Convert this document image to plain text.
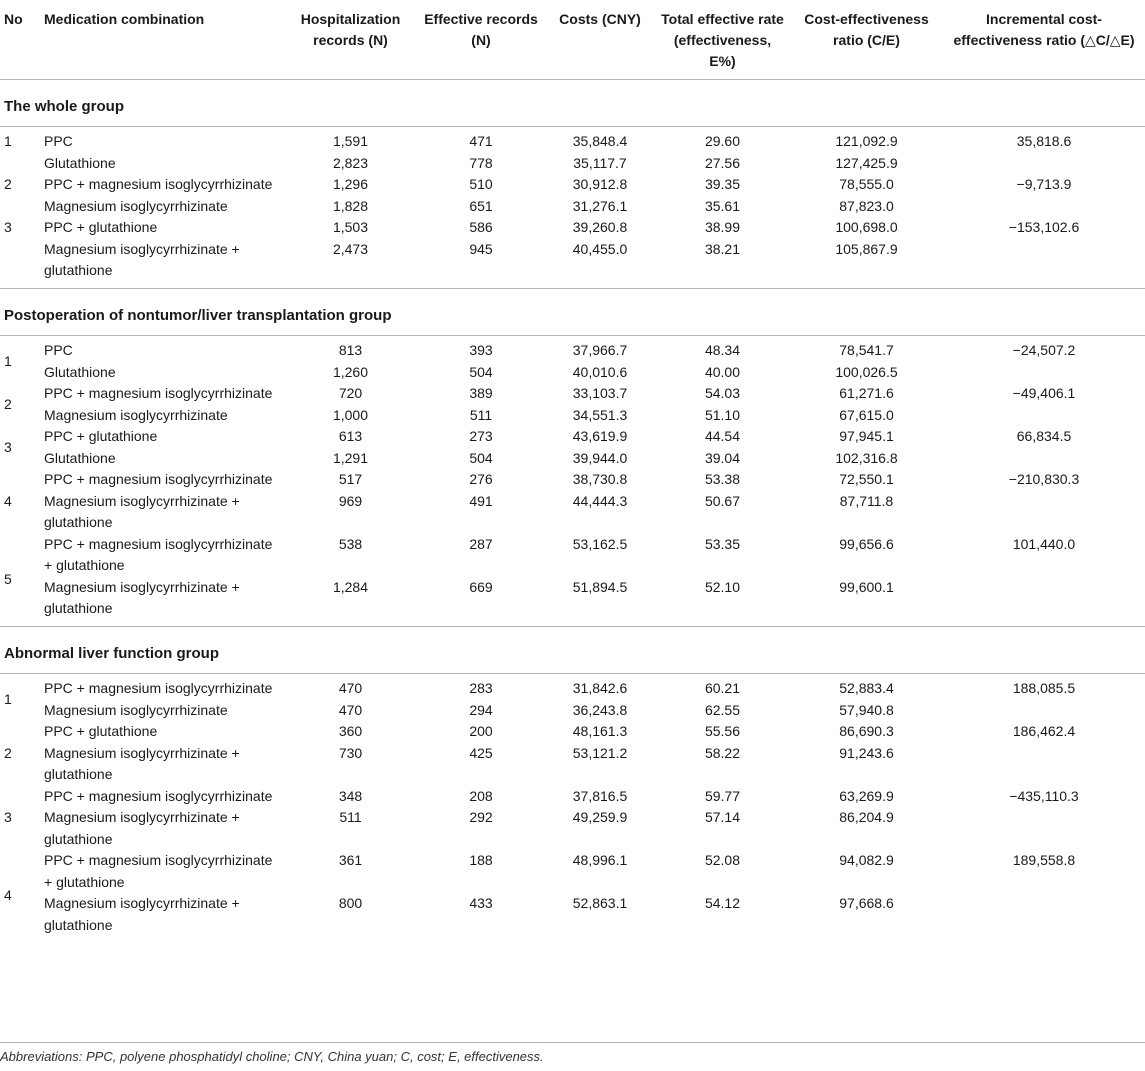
No	Medication combination	Hospitalization records (N)	Effective records (N)	Costs (CNY)	Total effective rate (effectiveness, E%)	Cost-effectiveness ratio (C/E)	Incremental cost-effectiveness ratio (△C/△E)
The whole group							
1	PPC	1,591	471	35,848.4	29.60	121,092.9	35,818.6
	Glutathione	2,823	778	35,117.7	27.56	127,425.9	
2	PPC + magnesium isoglycyrrhizinate	1,296	510	30,912.8	39.35	78,555.0	−9,713.9
	Magnesium isoglycyrrhizinate	1,828	651	31,276.1	35.61	87,823.0	
3	PPC + glutathione	1,503	586	39,260.8	38.99	100,698.0	−153,102.6
	Magnesium isoglycyrrhizinate + glutathione	2,473	945	40,455.0	38.21	105,867.9	
Postoperation of nontumor/liver transplantation group							
1	PPC	813	393	37,966.7	48.34	78,541.7	−24,507.2
	Glutathione	1,260	504	40,010.6	40.00	100,026.5	
2	PPC + magnesium isoglycyrrhizinate	720	389	33,103.7	54.03	61,271.6	−49,406.1
	Magnesium isoglycyrrhizinate	1,000	511	34,551.3	51.10	67,615.0	
3	PPC + glutathione	613	273	43,619.9	44.54	97,945.1	66,834.5
	Glutathione	1,291	504	39,944.0	39.04	102,316.8	
4	PPC + magnesium isoglycyrrhizinate	517	276	38,730.8	53.38	72,550.1	−210,830.3
	Magnesium isoglycyrrhizinate + glutathione	969	491	44,444.3	50.67	87,711.8	
5	PPC + magnesium isoglycyrrhizinate + glutathione	538	287	53,162.5	53.35	99,656.6	101,440.0
	Magnesium isoglycyrrhizinate + glutathione	1,284	669	51,894.5	52.10	99,600.1	
Abnormal liver function group							
1	PPC + magnesium isoglycyrrhizinate	470	283	31,842.6	60.21	52,883.4	188,085.5
	Magnesium isoglycyrrhizinate	470	294	36,243.8	62.55	57,940.8	
2	PPC + glutathione	360	200	48,161.3	55.56	86,690.3	186,462.4
	Magnesium isoglycyrrhizinate + glutathione	730	425	53,121.2	58.22	91,243.6	
3	PPC + magnesium isoglycyrrhizinate	348	208	37,816.5	59.77	63,269.9	−435,110.3
	Magnesium isoglycyrrhizinate + glutathione	511	292	49,259.9	57.14	86,204.9	
4	PPC + magnesium isoglycyrrhizinate + glutathione	361	188	48,996.1	52.08	94,082.9	189,558.8
	Magnesium isoglycyrrhizinate + glutathione	800	433	52,863.1	54.12	97,668.6	
Abbreviations: PPC, polyene phosphatidyl choline; CNY, China yuan; C, cost; E, effectiveness.
